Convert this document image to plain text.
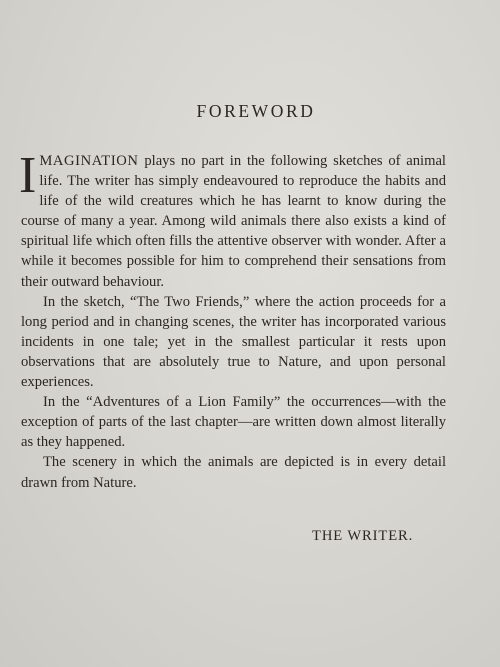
FOREWORD

IMAGINATION plays no part in the following sketches of animal life. The writer has simply endeavoured to reproduce the habits and life of the wild creatures which he has learnt to know during the course of many a year. Among wild animals there also exists a kind of spiritual life which often fills the attentive observer with wonder. After a while it becomes possible for him to comprehend their sensations from their outward behaviour.

In the sketch, “The Two Friends,” where the action proceeds for a long period and in changing scenes, the writer has incorporated various incidents in one tale; yet in the smallest particular it rests upon observations that are absolutely true to Nature, and upon personal experiences.

In the “Adventures of a Lion Family” the occurrences—with the exception of parts of the last chapter—are written down almost literally as they happened.

The scenery in which the animals are depicted is in every detail drawn from Nature.

THE WRITER.
